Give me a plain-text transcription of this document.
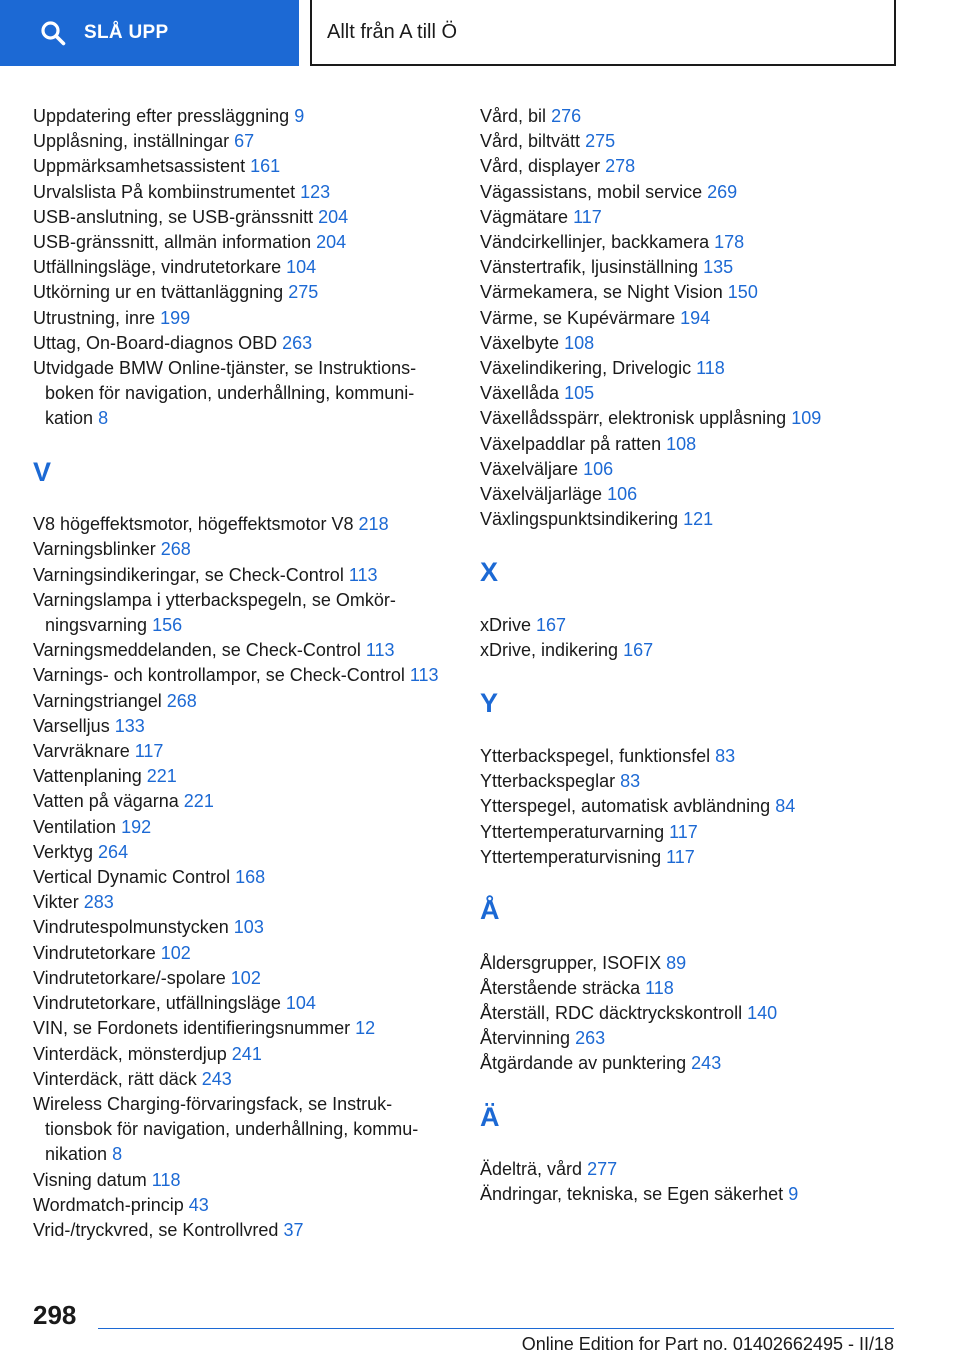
SLÅ UPP	Allt från A till Ö
Uppdatering efter pressläggning 9
Upplåsning, inställningar 67
Uppmärksamhetsassistent 161
Urvalslista På kombiinstrumentet 123
USB-anslutning, se USB-gränssnitt 204
USB-gränssnitt, allmän information 204
Utfällningsläge, vindrutetorkare 104
Utkörning ur en tvättanläggning 275
Utrustning, inre 199
Uttag, On-Board-diagnos OBD 263
Utvidgade BMW Online-tjänster, se Instruktionsboken för navigation, underhållning, kommunikation 8
V
V8 högeffektsmotor, högeffektsmotor V8 218
Varningsblinker 268
Varningsindikeringar, se Check-Control 113
Varningslampa i ytterbackspegeln, se Omkörningsvarning 156
Varningsmeddelanden, se Check-Control 113
Varnings- och kontrollampor, se Check-Control 113
Varningstriangel 268
Varselljus 133
Varvräknare 117
Vattenplaning 221
Vatten på vägarna 221
Ventilation 192
Verktyg 264
Vertical Dynamic Control 168
Vikter 283
Vindrutespolmunstycken 103
Vindrutetorkare 102
Vindrutetorkare/-spolare 102
Vindrutetorkare, utfällningsläge 104
VIN, se Fordonets identifieringsnummer 12
Vinterdäck, mönsterdjup 241
Vinterdäck, rätt däck 243
Wireless Charging-förvaringsfack, se Instruktionsbok för navigation, underhållning, kommunikation 8
Visning datum 118
Wordmatch-princip 43
Vrid-/tryckvred, se Kontrollvred 37
Vård, bil 276
Vård, biltvätt 275
Vård, displayer 278
Vägassistans, mobil service 269
Vägmätare 117
Vändcirkellinjer, backkamera 178
Vänstertrafik, ljusinställning 135
Värmekamera, se Night Vision 150
Värme, se Kupévärmare 194
Växelbyte 108
Växelindikering, Drivelogic 118
Växellåda 105
Växellådsspärr, elektronisk upplåsning 109
Växelpaddlar på ratten 108
Växelväljare 106
Växelväljarläge 106
Växlingspunktsindikering 121
X
xDrive 167
xDrive, indikering 167
Y
Ytterbackspegel, funktionsfel 83
Ytterbackspeglar 83
Ytterspegel, automatisk avbländning 84
Yttertemperaturvarning 117
Yttertemperaturvisning 117
Å
Åldersgrupper, ISOFIX 89
Återstående sträcka 118
Återställ, RDC däcktryckskontroll 140
Återvinning 263
Åtgärdande av punktering 243
Ä
Ädelträ, vård 277
Ändringar, tekniska, se Egen säkerhet 9
298
Online Edition for Part no. 01402662495 - II/18
